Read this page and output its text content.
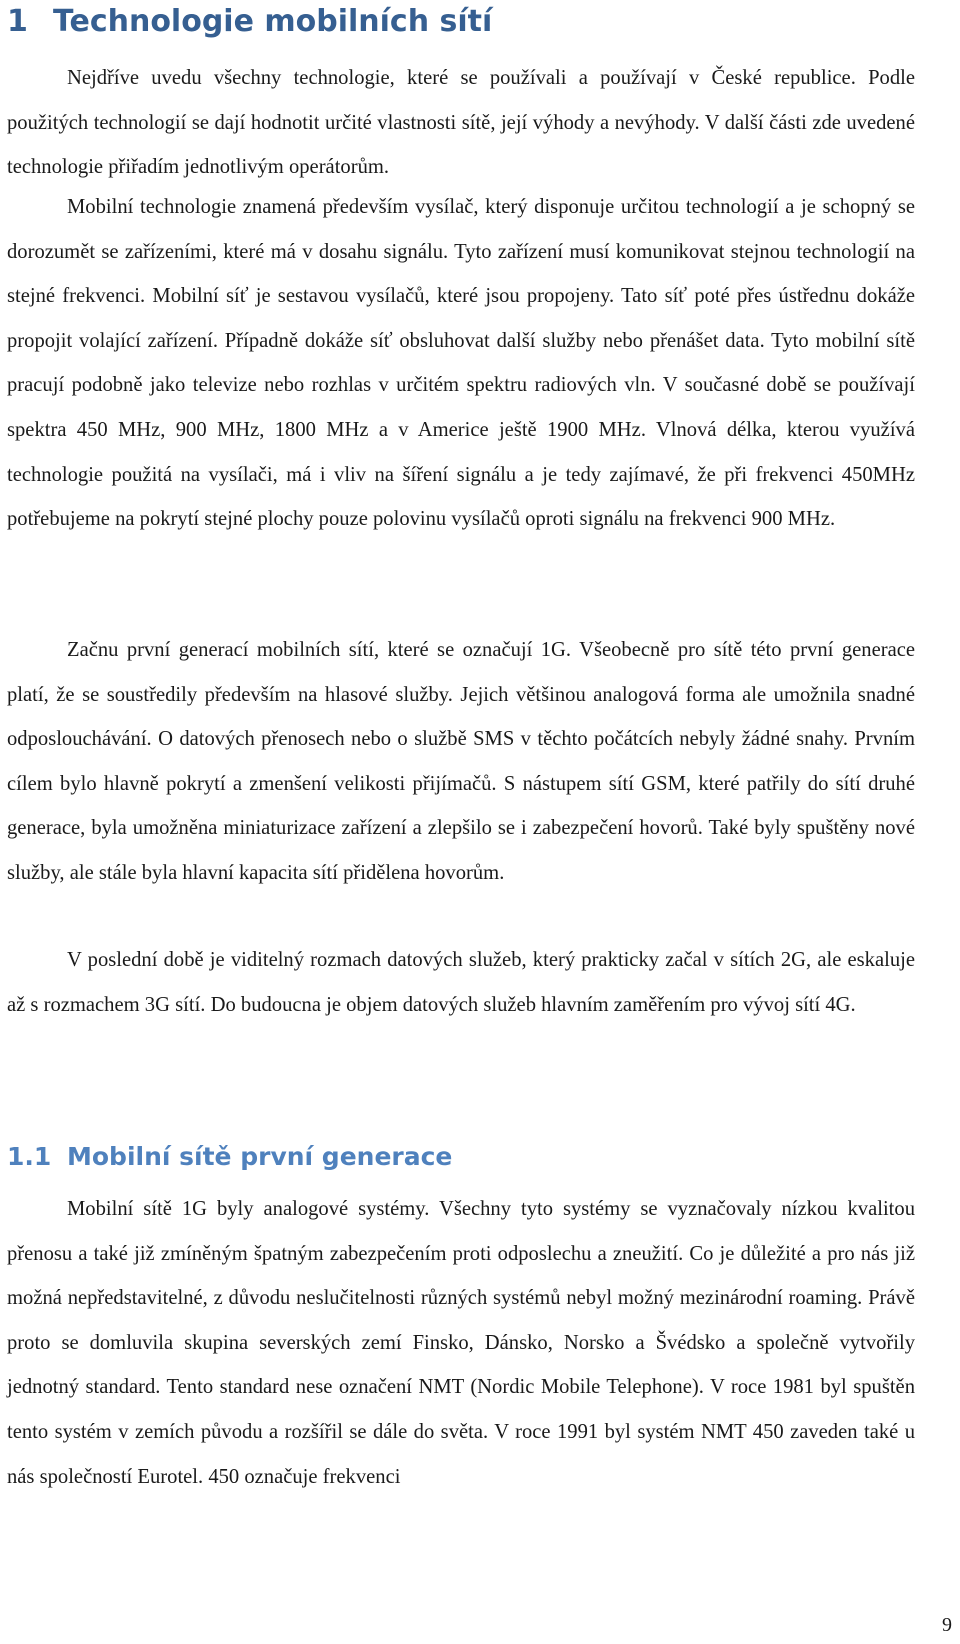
1 Technologie mobilních sítí

Nejdříve uvedu všechny technologie, které se používali a používají v České republice. Podle použitých technologií se dají hodnotit určité vlastnosti sítě, její výhody a nevýhody. V další části zde uvedené technologie přiřadím jednotlivým operátorům.

Mobilní technologie znamená především vysílač, který disponuje určitou technologií a je schopný se dorozumět se zařízeními, které má v dosahu signálu. Tyto zařízení musí komunikovat stejnou technologií na stejné frekvenci. Mobilní síť je sestavou vysílačů, které jsou propojeny. Tato síť poté přes ústřednu dokáže propojit volající zařízení. Případně dokáže síť obsluhovat další služby nebo přenášet data. Tyto mobilní sítě pracují podobně jako televize nebo rozhlas v určitém spektru radiových vln. V současné době se používají spektra 450 MHz, 900 MHz, 1800 MHz a v Americe ještě 1900 MHz. Vlnová délka, kterou využívá technologie použitá na vysílači, má i vliv na šíření signálu a je tedy zajímavé, že při frekvenci 450MHz potřebujeme na pokrytí stejné plochy pouze polovinu vysílačů oproti signálu na frekvenci 900 MHz.

Začnu první generací mobilních sítí, které se označují 1G. Všeobecně pro sítě této první generace platí, že se soustředily především na hlasové služby. Jejich většinou analogová forma ale umožnila snadné odposlouchávání. O datových přenosech nebo o službě SMS v těchto počátcích nebyly žádné snahy. Prvním cílem bylo hlavně pokrytí a zmenšení velikosti přijímačů. S nástupem sítí GSM, které patřily do sítí druhé generace, byla umožněna miniaturizace zařízení a zlepšilo se i zabezpečení hovorů. Také byly spuštěny nové služby, ale stále byla hlavní kapacita sítí přidělena hovorům.

V poslední době je viditelný rozmach datových služeb, který prakticky začal v sítích 2G, ale eskaluje až s rozmachem 3G sítí. Do budoucna je objem datových služeb hlavním zaměřením pro vývoj sítí 4G.

1.1 Mobilní sítě první generace

Mobilní sítě 1G byly analogové systémy. Všechny tyto systémy se vyznačovaly nízkou kvalitou přenosu a také již zmíněným špatným zabezpečením proti odposlechu a zneužití. Co je důležité a pro nás již možná nepředstavitelné, z důvodu neslučitelnosti různých systémů nebyl možný mezinárodní roaming. Právě proto se domluvila skupina severských zemí Finsko, Dánsko, Norsko a Švédsko a společně vytvořily jednotný standard. Tento standard nese označení NMT (Nordic Mobile Telephone). V roce 1981 byl spuštěn tento systém v zemích původu a rozšířil se dále do světa. V roce 1991 byl systém NMT 450 zaveden také u nás společností Eurotel. 450 označuje frekvenci

9
